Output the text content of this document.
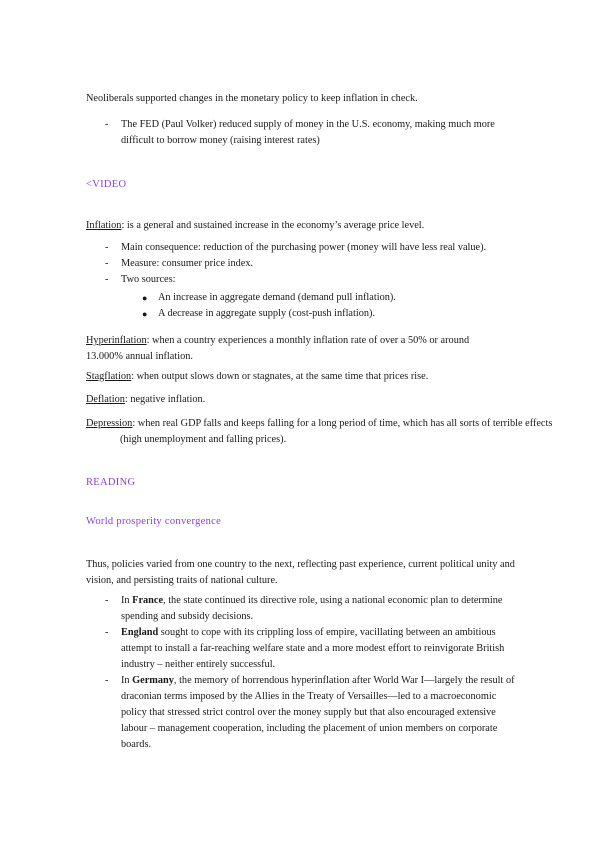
Neoliberals supported changes in the monetary policy to keep inflation in check.

- The FED (Paul Volker) reduced supply of money in the U.S. economy, making much more difficult to borrow money (raising interest rates)

<VIDEO

Inflation: is a general and sustained increase in the economy’s average price level.

- Main consequence: reduction of the purchasing power (money will have less real value).
- Measure: consumer price index.
- Two sources:
● An increase in aggregate demand (demand pull inflation).
● A decrease in aggregate supply (cost-push inflation).

Hyperinflation: when a country experiences a monthly inflation rate of over a 50% or around 13.000% annual inflation.

Stagflation: when output slows down or stagnates, at the same time that prices rise.

Deflation: negative inflation.

Depression: when real GDP falls and keeps falling for a long period of time, which has all sorts of terrible effects (high unemployment and falling prices).

READING

World prosperity convergence

Thus, policies varied from one country to the next, reflecting past experience, current political unity and vision, and persisting traits of national culture.

- In France, the state continued its directive role, using a national economic plan to determine spending and subsidy decisions.
- England sought to cope with its crippling loss of empire, vacillating between an ambitious attempt to install a far-reaching welfare state and a more modest effort to reinvigorate British industry – neither entirely successful.
- In Germany, the memory of horrendous hyperinflation after World War I—largely the result of draconian terms imposed by the Allies in the Treaty of Versailles—led to a macroeconomic policy that stressed strict control over the money supply but that also encouraged extensive labour – management cooperation, including the placement of union members on corporate boards.
